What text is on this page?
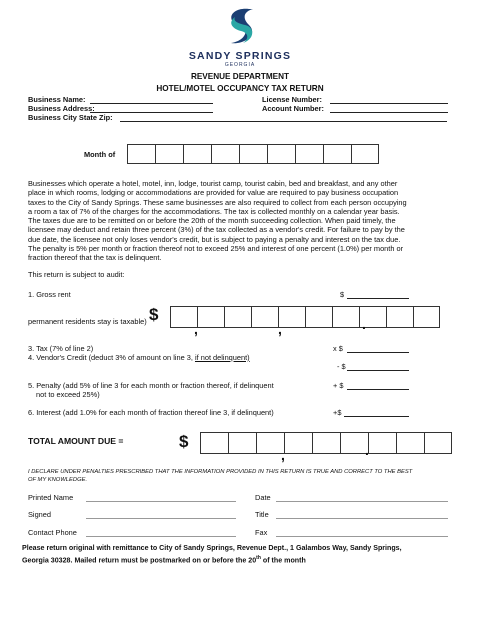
SANDY SPRINGS
GEORGIA
REVENUE DEPARTMENT
HOTEL/MOTEL OCCUPANCY TAX RETURN
Business Name:	License Number:
Business Address:	Account Number:
Business City State Zip:
Month of
Businesses which operate a hotel, motel, inn, lodge, tourist camp, tourist cabin, bed and breakfast, and any other
place in which rooms, lodging or accommodations are provided for value are required to pay business occupation
taxes to the City of Sandy Springs. These same businesses are also required to collect from each person occupying
a room a tax of 7% of the charges for the accommodations. The tax is collected monthly on a calendar year basis.
The taxes due are to be remitted on or before the 20th of the month succeeding collection. When paid timely, the
licensee may deduct and retain three percent (3%) of the tax collected as a vendor's credit. For failure to pay by the
due date, the licensee not only loses vendor's credit, but is subject to paying a penalty and interest on the tax due.
The penalty is 5% per month or fraction thereof not to exceed 25% and interest of one percent (1.0%) per month or
fraction thereof that the tax is delinquent.
This return is subject to audit:
1. Gross rent	$
permanent residents stay is taxable) $
,	,	.
3. Tax (7% of line 2)	x $
4. Vendor's Credit (deduct 3% of amount on line 3, if not delinquent)
- $
5. Penalty (add 5% of line 3 for each month or fraction thereof, if delinquent
not to exceed 25%)
+ $
6. Interest (add 1.0% for each month of fraction thereof line 3, if delinquent)	+$
TOTAL AMOUNT DUE =	$
,	.
I DECLARE UNDER PENALTIES PRESCRIBED THAT THE INFORMATION PROVIDED IN THIS RETURN IS TRUE AND CORRECT TO THE BEST
OF MY KNOWLEDGE.
Printed Name	Date
Signed	Title
Contact Phone	Fax
Please return original with remittance to City of Sandy Springs, Revenue Dept., 1 Galambos Way, Sandy Springs,
Georgia 30328. Mailed return must be postmarked on or before the 20th of the month
